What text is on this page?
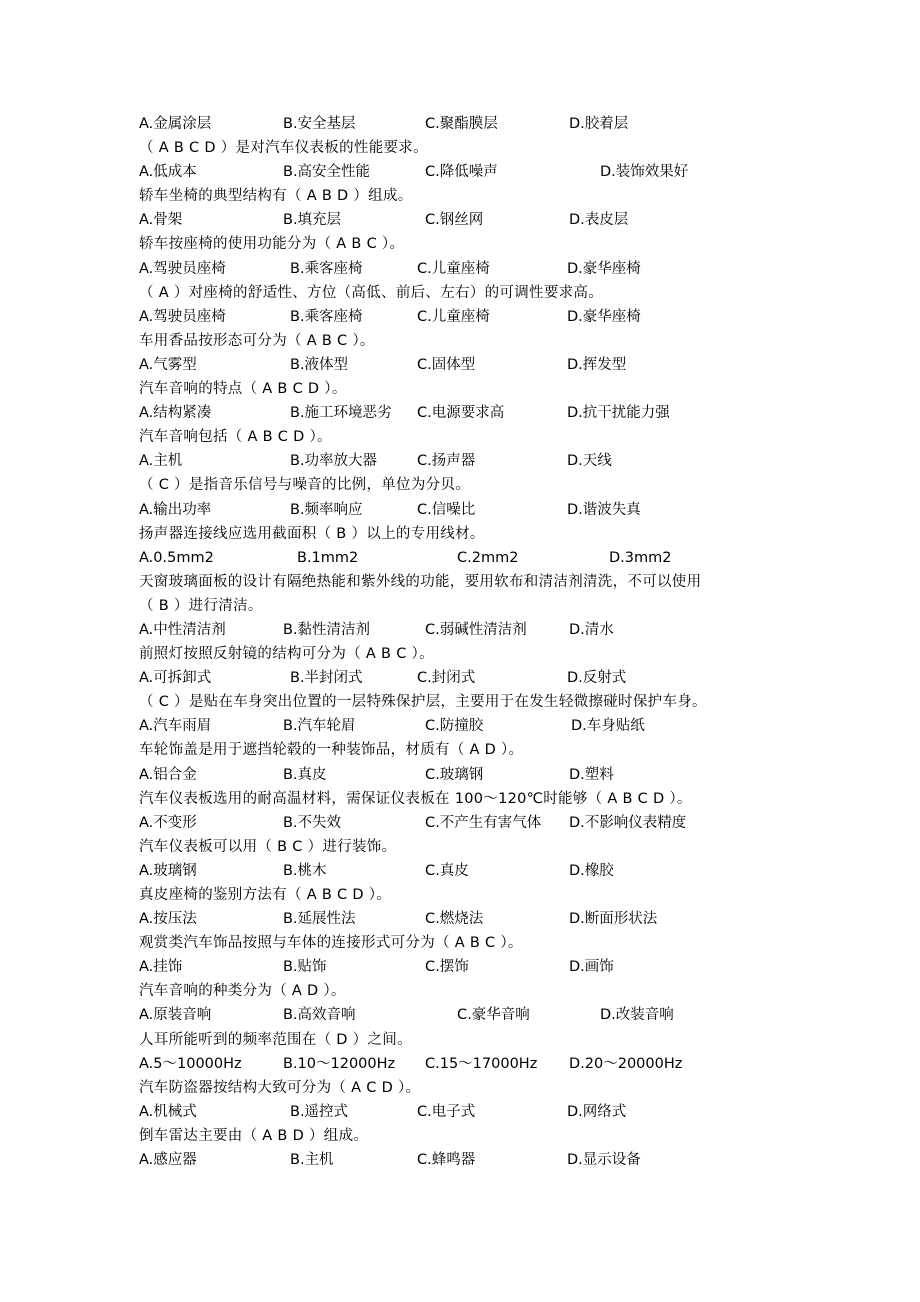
A.金属涂层	B.安全基层	C.聚酯膜层	D.胶着层
（ A B C D ）是对汽车仪表板的性能要求。
A.低成本	B.高安全性能	C.降低噪声	D.装饰效果好
轿车坐椅的典型结构有（ A B D ）组成。
A.骨架	B.填充层	C.钢丝网	D.表皮层
轿车按座椅的使用功能分为（ A B C ）。
A.驾驶员座椅	B.乘客座椅	C.儿童座椅	D.豪华座椅
（ A ）对座椅的舒适性、方位（高低、前后、左右）的可调性要求高。
A.驾驶员座椅	B.乘客座椅	C.儿童座椅	D.豪华座椅
车用香品按形态可分为（ A B C ）。
A.气雾型	B.液体型	C.固体型	D.挥发型
汽车音响的特点（ A B C D ）。
A.结构紧凑	B.施工环境恶劣 C.电源要求高	D.抗干扰能力强
汽车音响包括（ A B C D ）。
A.主机	B.功率放大器	C.扬声器	D.天线
（ C ）是指音乐信号与噪音的比例，单位为分贝。
A.输出功率	B.频率响应	C.信噪比	D.谐波失真
扬声器连接线应选用截面积（ B ）以上的专用线材。
A.0.5mm2	B.1mm2	C.2mm2	D.3mm2
天窗玻璃面板的设计有隔绝热能和紫外线的功能，要用软布和清洁剂清洗，不可以使用
（ B ）进行清洁。
A.中性清洁剂	B.黏性清洁剂	C.弱碱性清洁剂	D.清水
前照灯按照反射镜的结构可分为（ A B C ）。
A.可拆卸式	B.半封闭式	C.封闭式	D.反射式
（ C ）是贴在车身突出位置的一层特殊保护层，主要用于在发生轻微擦碰时保护车身。
A.汽车雨眉	B.汽车轮眉	C.防撞胶	D.车身贴纸
车轮饰盖是用于遮挡轮毂的一种装饰品，材质有（ A D ）。
A.铝合金	B.真皮	C.玻璃钢	D.塑料
汽车仪表板选用的耐高温材料，需保证仪表板在 100～120℃时能够（ A B C D ）。
A.不变形	B.不失效	C.不产生有害气体 D.不影响仪表精度
汽车仪表板可以用（ B C ）进行装饰。
A.玻璃钢	B.桃木	C.真皮	D.橡胶
真皮座椅的鉴别方法有（ A B C D ）。
A.按压法	B.延展性法	C.燃烧法	D.断面形状法
观赏类汽车饰品按照与车体的连接形式可分为（ A B C ）。
A.挂饰	B.贴饰	C.摆饰	D.画饰
汽车音响的种类分为（ A D ）。
A.原装音响	B.高效音响	C.豪华音响	D.改装音响
人耳所能听到的频率范围在（ D ）之间。
A.5～10000Hz	B.10～12000Hz C.15～17000Hz D.20～20000Hz
汽车防盗器按结构大致可分为（ A C D ）。
A.机械式	B.遥控式	C.电子式	D.网络式
倒车雷达主要由（ A B D ）组成。
A.感应器	B.主机	C.蜂鸣器	D.显示设备
